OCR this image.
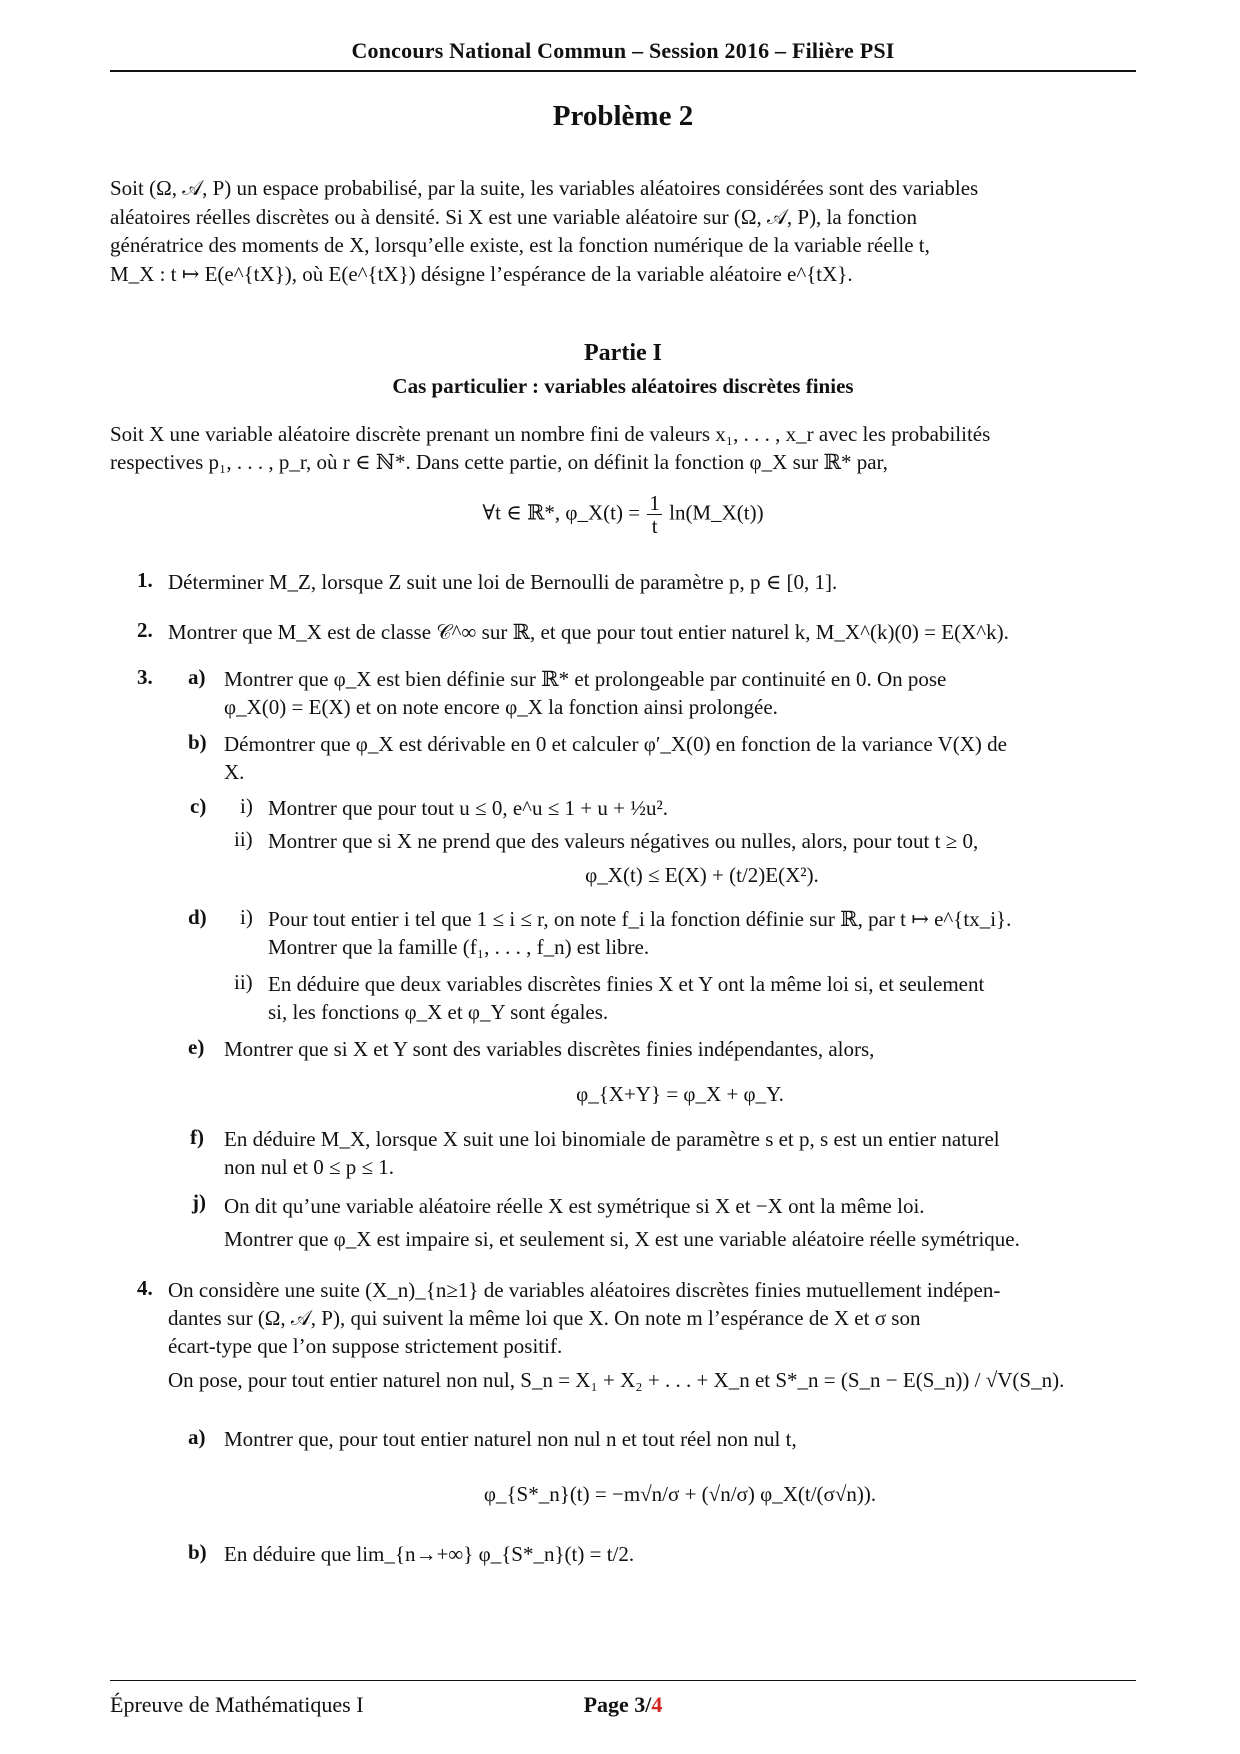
Concours National Commun – Session 2016 – Filière PSI
Problème 2
Soit (Ω, 𝒜, P) un espace probabilisé, par la suite, les variables aléatoires considérées sont des variables
aléatoires réelles discrètes ou à densité. Si X est une variable aléatoire sur (Ω, 𝒜, P), la fonction
génératrice des moments de X, lorsqu’elle existe, est la fonction numérique de la variable réelle t,
M_X : t ↦ E(e^{tX}), où E(e^{tX}) désigne l’espérance de la variable aléatoire e^{tX}.
Partie I
Cas particulier : variables aléatoires discrètes finies
Soit X une variable aléatoire discrète prenant un nombre fini de valeurs x₁, . . . , x_r avec les probabilités
respectives p₁, . . . , p_r, où r ∈ ℕ*. Dans cette partie, on définit la fonction φ_X sur ℝ* par,
∀t ∈ ℝ*, φ_X(t) = $\frac{1}{t}$ ln(M_X(t))
1. Déterminer M_Z, lorsque Z suit une loi de Bernoulli de paramètre p, p ∈ [0, 1].
2. Montrer que M_X est de classe 𝒞^∞ sur ℝ, et que pour tout entier naturel k, M_X^(k)(0) = E(X^k).
3. a) Montrer que φ_X est bien définie sur ℝ* et prolongeable par continuité en 0. On pose
φ_X(0) = E(X) et on note encore φ_X la fonction ainsi prolongée.
b) Démontrer que φ_X est dérivable en 0 et calculer φ′_X(0) en fonction de la variance V(X) de
X.
c) i) Montrer que pour tout u ≤ 0, e^u ≤ 1 + u + ½u².
ii) Montrer que si X ne prend que des valeurs négatives ou nulles, alors, pour tout t ≥ 0,
φ_X(t) ≤ E(X) + (t/2)E(X²).
d) i) Pour tout entier i tel que 1 ≤ i ≤ r, on note f_i la fonction définie sur ℝ, par t ↦ e^{tx_i}.
Montrer que la famille (f₁, . . . , f_n) est libre.
ii) En déduire que deux variables discrètes finies X et Y ont la même loi si, et seulement
si, les fonctions φ_X et φ_Y sont égales.
e) Montrer que si X et Y sont des variables discrètes finies indépendantes, alors,
φ_{X+Y} = φ_X + φ_Y.
f) En déduire M_X, lorsque X suit une loi binomiale de paramètre s et p, s est un entier naturel
non nul et 0 ≤ p ≤ 1.
j) On dit qu’une variable aléatoire réelle X est symétrique si X et −X ont la même loi.
Montrer que φ_X est impaire si, et seulement si, X est une variable aléatoire réelle symétrique.
4. On considère une suite (X_n)_{n≥1} de variables aléatoires discrètes finies mutuellement indépen-
dantes sur (Ω, 𝒜, P), qui suivent la même loi que X. On note m l’espérance de X et σ son
écart-type que l’on suppose strictement positif.
On pose, pour tout entier naturel non nul, S_n = X₁ + X₂ + . . . + X_n et S*_n = (S_n − E(S_n)) / √V(S_n).
a) Montrer que, pour tout entier naturel non nul n et tout réel non nul t,
φ_{S*_n}(t) = −m√n/σ + (√n/σ) φ_X(t/(σ√n)).
b) En déduire que lim_{n→+∞} φ_{S*_n}(t) = t/2.
Épreuve de Mathématiques I	Page 3/4
